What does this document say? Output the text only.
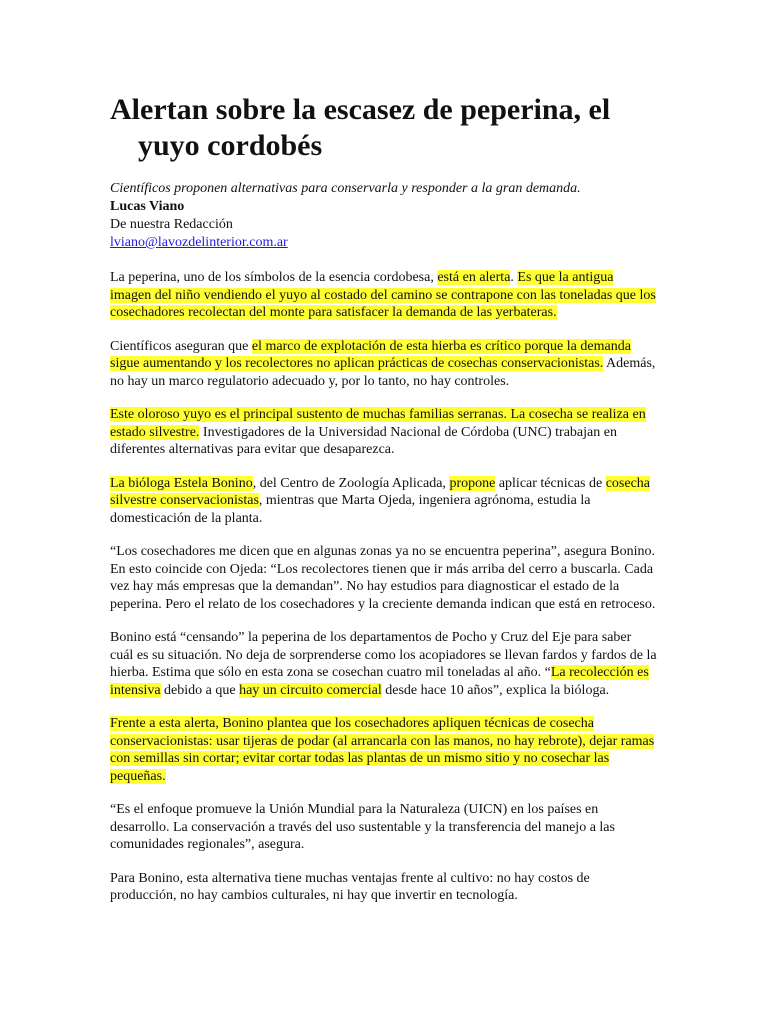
Alertan sobre la escasez de peperina, el yuyo cordobés
Científicos proponen alternativas para conservarla y responder a la gran demanda.
Lucas Viano
De nuestra Redacción
lviano@lavozdelinterior.com.ar

La peperina, uno de los símbolos de la esencia cordobesa, está en alerta. Es que la antigua imagen del niño vendiendo el yuyo al costado del camino se contrapone con las toneladas que los cosechadores recolectan del monte para satisfacer la demanda de las yerbateras.

Científicos aseguran que el marco de explotación de esta hierba es crítico porque la demanda sigue aumentando y los recolectores no aplican prácticas de cosechas conservacionistas. Además, no hay un marco regulatorio adecuado y, por lo tanto, no hay controles.

Este oloroso yuyo es el principal sustento de muchas familias serranas. La cosecha se realiza en estado silvestre. Investigadores de la Universidad Nacional de Córdoba (UNC) trabajan en diferentes alternativas para evitar que desaparezca.

La bióloga Estela Bonino, del Centro de Zoología Aplicada, propone aplicar técnicas de cosecha silvestre conservacionistas, mientras que Marta Ojeda, ingeniera agrónoma, estudia la domesticación de la planta.

“Los cosechadores me dicen que en algunas zonas ya no se encuentra peperina”, asegura Bonino. En esto coincide con Ojeda: “Los recolectores tienen que ir más arriba del cerro a buscarla. Cada vez hay más empresas que la demandan”. No hay estudios para diagnosticar el estado de la peperina. Pero el relato de los cosechadores y la creciente demanda indican que está en retroceso.

Bonino está “censando” la peperina de los departamentos de Pocho y Cruz del Eje para saber cuál es su situación. No deja de sorprenderse como los acopiadores se llevan fardos y fardos de la hierba. Estima que sólo en esta zona se cosechan cuatro mil toneladas al año. “La recolección es intensiva debido a que hay un circuito comercial desde hace 10 años”, explica la bióloga.

Frente a esta alerta, Bonino plantea que los cosechadores apliquen técnicas de cosecha conservacionistas: usar tijeras de podar (al arrancarla con las manos, no hay rebrote), dejar ramas con semillas sin cortar; evitar cortar todas las plantas de un mismo sitio y no cosechar las pequeñas.

“Es el enfoque promueve la Unión Mundial para la Naturaleza (UICN) en los países en desarrollo. La conservación a través del uso sustentable y la transferencia del manejo a las comunidades regionales”, asegura.

Para Bonino, esta alternativa tiene muchas ventajas frente al cultivo: no hay costos de producción, no hay cambios culturales, ni hay que invertir en tecnología.
